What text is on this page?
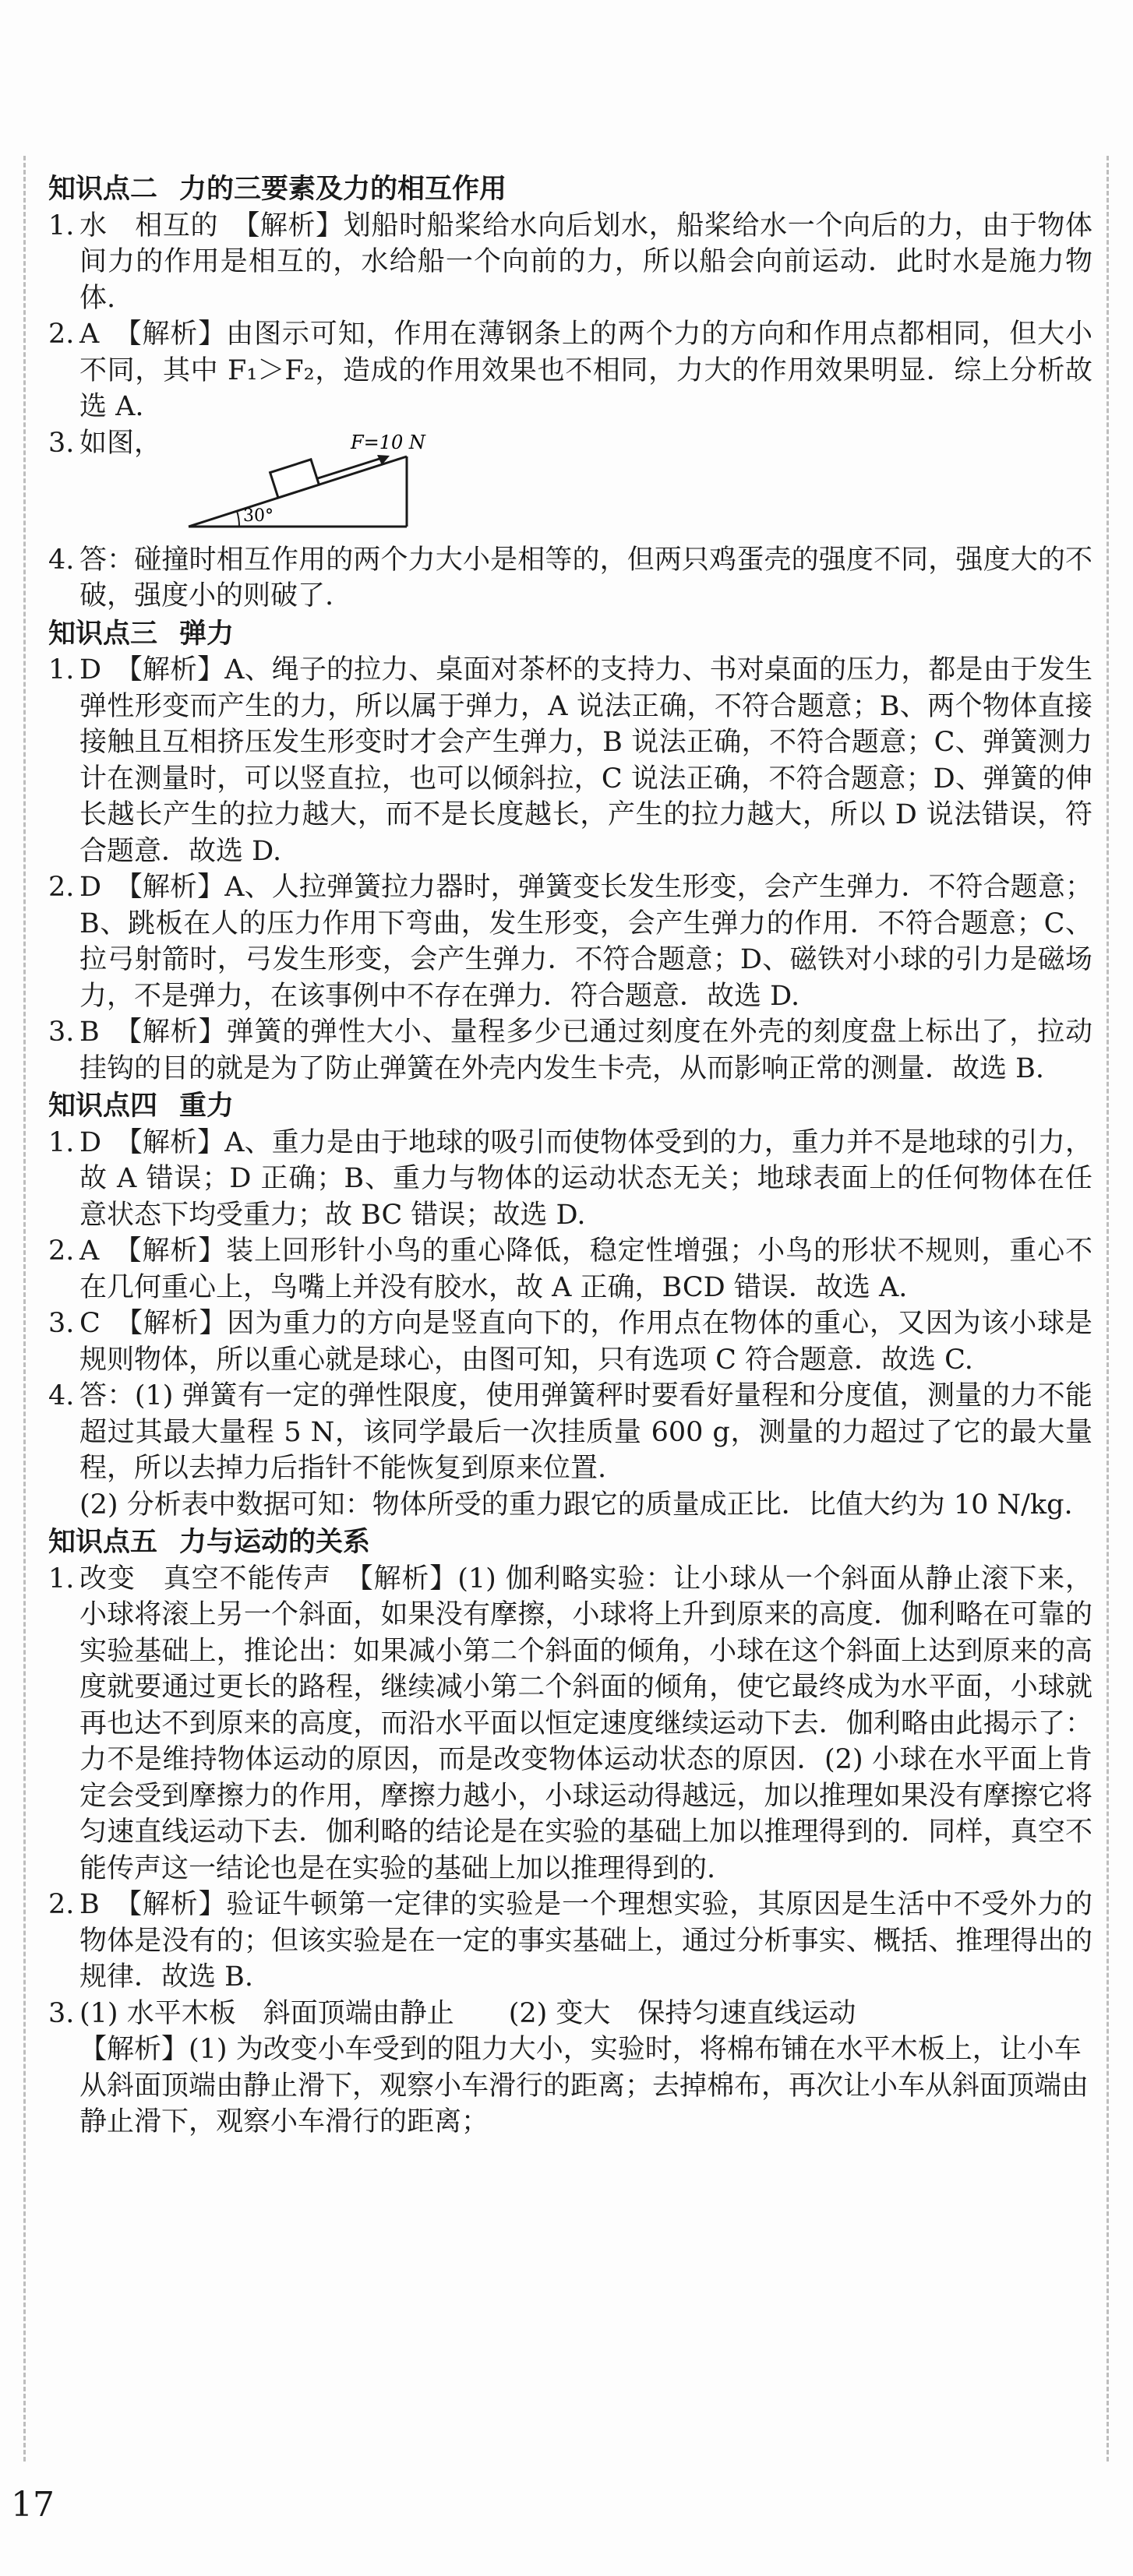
知识点二 力的三要素及力的相互作用

1. 水　相互的　【解析】划船时船桨给水向后划水，船桨给水一个向后的力，由于物体间力的作用是相互的，水给船一个向前的力，所以船会向前运动．此时水是施力物体.

2. A　【解析】由图示可知，作用在薄钢条上的两个力的方向和作用点都相同，但大小不同，其中 F₁＞F₂，造成的作用效果也不相同，力大的作用效果明显．综上分析故选 A.

3. 如图，	F=10 N
30°

4. 答：碰撞时相互作用的两个力大小是相等的，但两只鸡蛋壳的强度不同，强度大的不破，强度小的则破了.

知识点三 弹力

1. D　【解析】A、绳子的拉力、桌面对茶杯的支持力、书对桌面的压力，都是由于发生弹性形变而产生的力，所以属于弹力，A 说法正确，不符合题意；B、两个物体直接接触且互相挤压发生形变时才会产生弹力，B 说法正确，不符合题意；C、弹簧测力计在测量时，可以竖直拉，也可以倾斜拉，C 说法正确，不符合题意；D、弹簧的伸长越长产生的拉力越大，而不是长度越长，产生的拉力越大，所以 D 说法错误，符合题意．故选 D.

2. D　【解析】A、人拉弹簧拉力器时，弹簧变长发生形变，会产生弹力．不符合题意；B、跳板在人的压力作用下弯曲，发生形变，会产生弹力的作用．不符合题意；C、拉弓射箭时，弓发生形变，会产生弹力．不符合题意；D、磁铁对小球的引力是磁场力，不是弹力，在该事例中不存在弹力．符合题意．故选 D.

3. B　【解析】弹簧的弹性大小、量程多少已通过刻度在外壳的刻度盘上标出了，拉动挂钩的目的就是为了防止弹簧在外壳内发生卡壳，从而影响正常的测量．故选 B.

知识点四 重力

1. D　【解析】A、重力是由于地球的吸引而使物体受到的力，重力并不是地球的引力，故 A 错误；D 正确；B、重力与物体的运动状态无关；地球表面上的任何物体在任意状态下均受重力；故 BC 错误；故选 D.

2. A　【解析】装上回形针小鸟的重心降低，稳定性增强；小鸟的形状不规则，重心不在几何重心上，鸟嘴上并没有胶水，故 A 正确，BCD 错误．故选 A.

3. C　【解析】因为重力的方向是竖直向下的，作用点在物体的重心，又因为该小球是规则物体，所以重心就是球心，由图可知，只有选项 C 符合题意．故选 C.

4. 答：(1) 弹簧有一定的弹性限度，使用弹簧秤时要看好量程和分度值，测量的力不能超过其最大量程 5 N，该同学最后一次挂质量 600 g，测量的力超过了它的最大量程，所以去掉力后指针不能恢复到原来位置.

(2) 分析表中数据可知：物体所受的重力跟它的质量成正比．比值大约为 10 N/kg.

知识点五 力与运动的关系

1. 改变　真空不能传声　【解析】(1) 伽利略实验：让小球从一个斜面从静止滚下来，小球将滚上另一个斜面，如果没有摩擦，小球将上升到原来的高度．伽利略在可靠的实验基础上，推论出：如果减小第二个斜面的倾角，小球在这个斜面上达到原来的高度就要通过更长的路程，继续减小第二个斜面的倾角，使它最终成为水平面，小球就再也达不到原来的高度，而沿水平面以恒定速度继续运动下去．伽利略由此揭示了：力不是维持物体运动的原因，而是改变物体运动状态的原因．(2) 小球在水平面上肯定会受到摩擦力的作用，摩擦力越小，小球运动得越远，加以推理如果没有摩擦它将匀速直线运动下去．伽利略的结论是在实验的基础上加以推理得到的．同样，真空不能传声这一结论也是在实验的基础上加以推理得到的.

2. B　【解析】验证牛顿第一定律的实验是一个理想实验，其原因是生活中不受外力的物体是没有的；但该实验是在一定的事实基础上，通过分析事实、概括、推理得出的规律．故选 B.

3. (1) 水平木板　斜面顶端由静止　　(2) 变大　保持匀速直线运动

【解析】(1) 为改变小车受到的阻力大小，实验时，将棉布铺在水平木板上，让小车从斜面顶端由静止滑下，观察小车滑行的距离；去掉棉布，再次让小车从斜面顶端由静止滑下，观察小车滑行的距离；

17
